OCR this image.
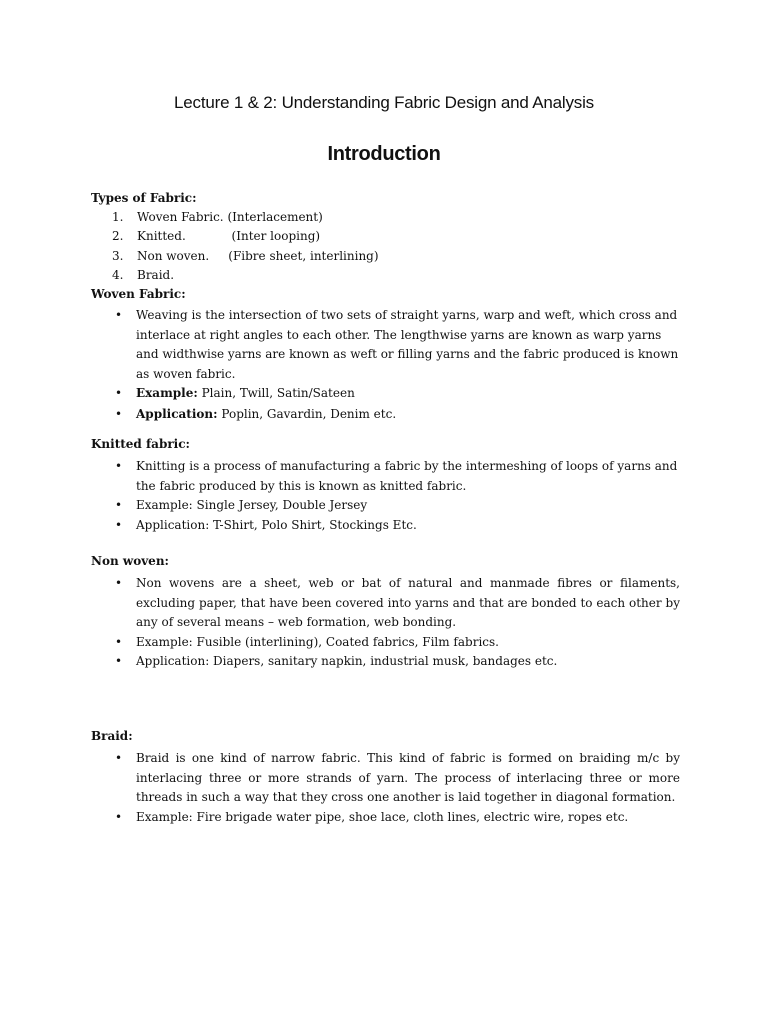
Lecture 1 & 2: Understanding Fabric Design and Analysis
Introduction
Types of Fabric:
1. Woven Fabric. (Interlacement)
2. Knitted.            (Inter looping)
3. Non woven.     (Fibre sheet, interlining)
4. Braid.
Woven Fabric:
• Weaving is the intersection of two sets of straight yarns, warp and weft, which cross and interlace at right angles to each other. The lengthwise yarns are known as warp yarns and widthwise yarns are known as weft or filling yarns and the fabric produced is known as woven fabric.
• Example: Plain, Twill, Satin/Sateen
• Application: Poplin, Gavardin, Denim etc.
Knitted fabric:
• Knitting is a process of manufacturing a fabric by the intermeshing of loops of yarns and the fabric produced by this is known as knitted fabric.
• Example: Single Jersey, Double Jersey
• Application: T-Shirt, Polo Shirt, Stockings Etc.
Non woven:
• Non wovens are a sheet, web or bat of natural and manmade fibres or filaments, excluding paper, that have been covered into yarns and that are bonded to each other by any of several means – web formation, web bonding.
• Example: Fusible (interlining), Coated fabrics, Film fabrics.
• Application: Diapers, sanitary napkin, industrial musk, bandages etc.
Braid:
• Braid is one kind of narrow fabric. This kind of fabric is formed on braiding m/c by interlacing three or more strands of yarn. The process of interlacing three or more threads in such a way that they cross one another is laid together in diagonal formation.
• Example: Fire brigade water pipe, shoe lace, cloth lines, electric wire, ropes etc.
